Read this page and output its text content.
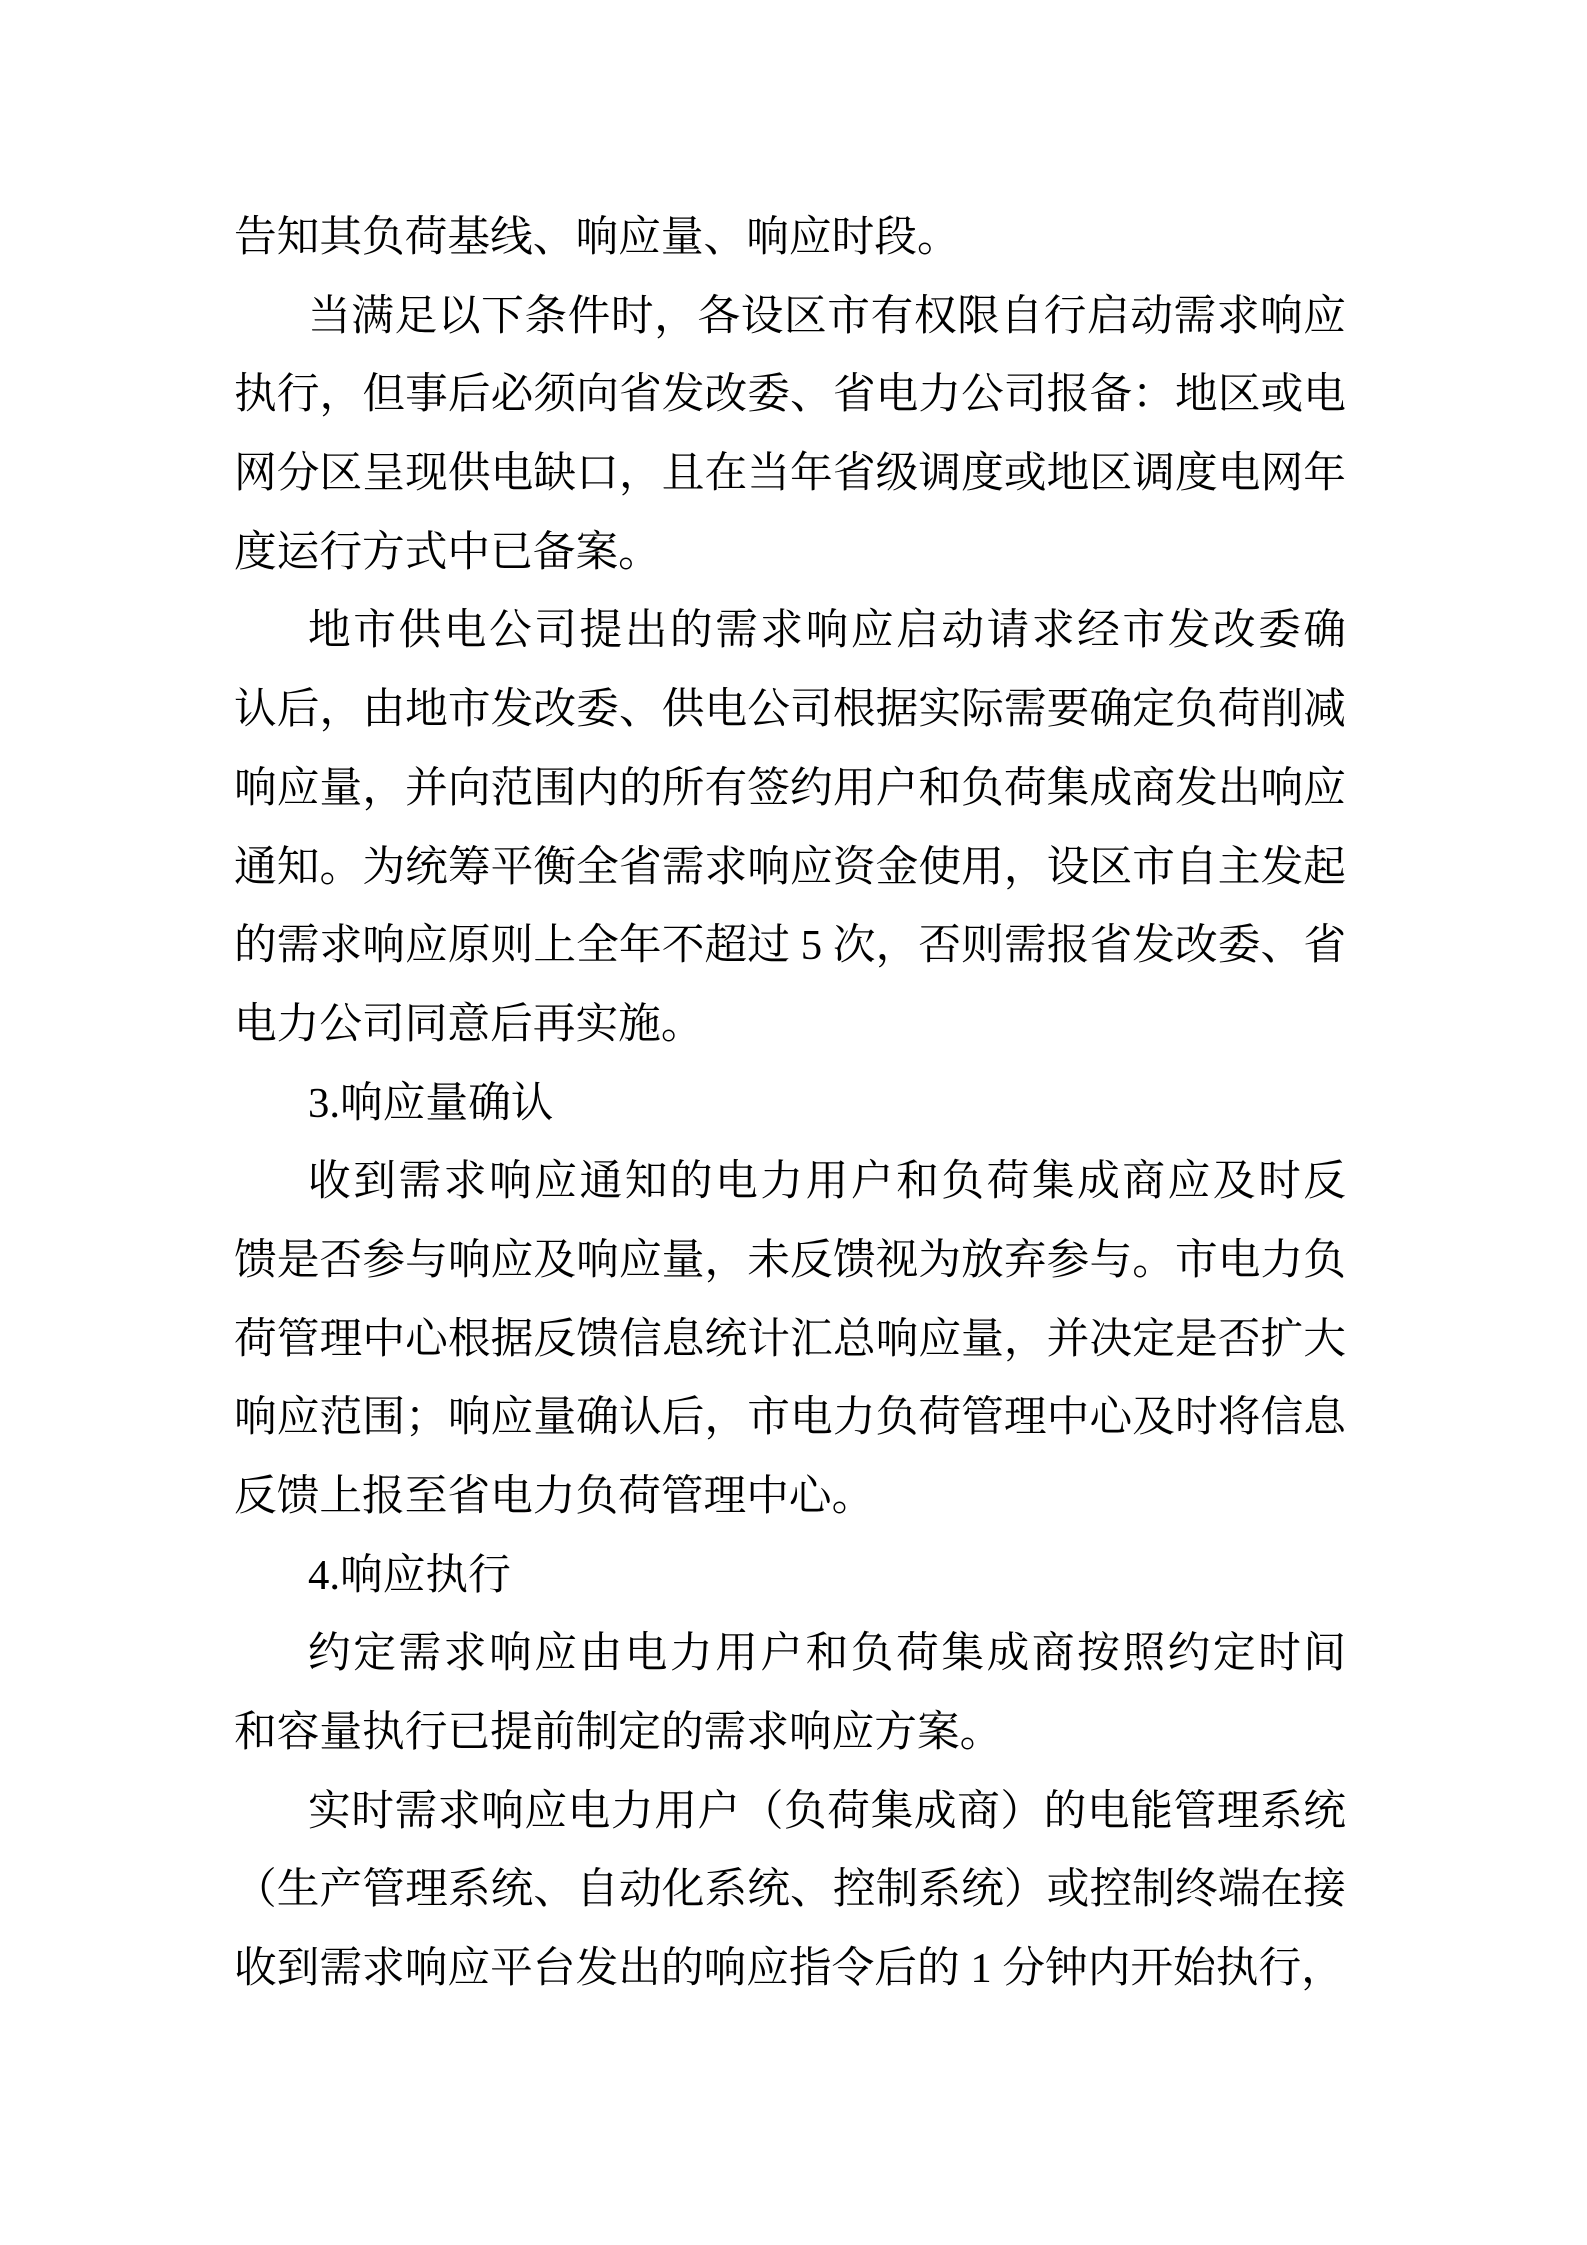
告知其负荷基线、响应量、响应时段。
当满足以下条件时，各设区市有权限自行启动需求响应
执行，但事后必须向省发改委、省电力公司报备：地区或电
网分区呈现供电缺口，且在当年省级调度或地区调度电网年
度运行方式中已备案。
地市供电公司提出的需求响应启动请求经市发改委确
认后，由地市发改委、供电公司根据实际需要确定负荷削减
响应量，并向范围内的所有签约用户和负荷集成商发出响应
通知。为统筹平衡全省需求响应资金使用，设区市自主发起
的需求响应原则上全年不超过 5 次，否则需报省发改委、省
电力公司同意后再实施。
3.响应量确认
收到需求响应通知的电力用户和负荷集成商应及时反
馈是否参与响应及响应量，未反馈视为放弃参与。市电力负
荷管理中心根据反馈信息统计汇总响应量，并决定是否扩大
响应范围；响应量确认后，市电力负荷管理中心及时将信息
反馈上报至省电力负荷管理中心。
4.响应执行
约定需求响应由电力用户和负荷集成商按照约定时间
和容量执行已提前制定的需求响应方案。
实时需求响应电力用户（负荷集成商）的电能管理系统
（生产管理系统、自动化系统、控制系统）或控制终端在接
收到需求响应平台发出的响应指令后的 1 分钟内开始执行，
